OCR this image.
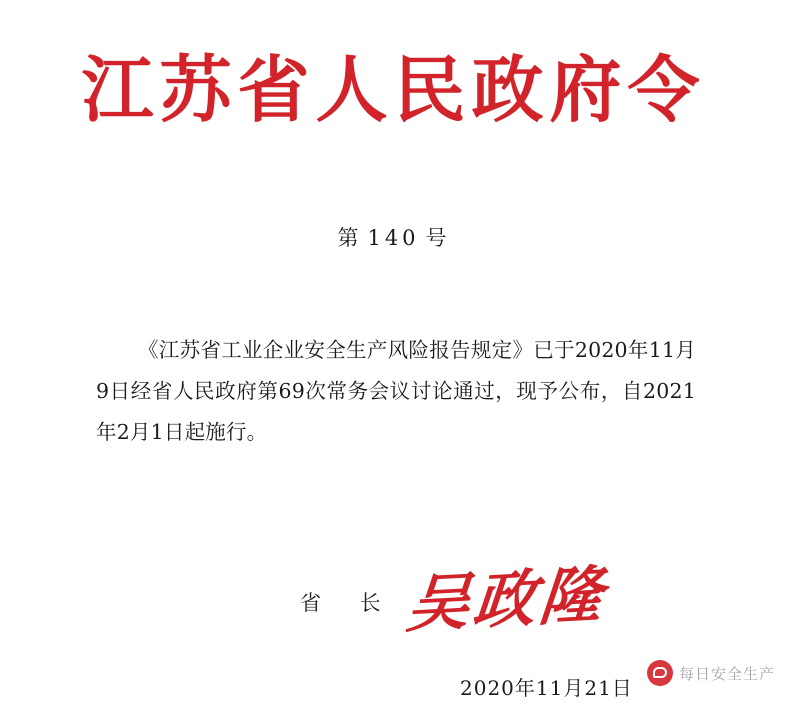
江苏省人民政府令
第 140 号
《江苏省工业企业安全生产风险报告规定》已于2020年11月9日经省人民政府第69次常务会议讨论通过，现予公布，自2021年2月1日起施行。
省 长 吴政隆
2020年11月21日
每日安全生产
